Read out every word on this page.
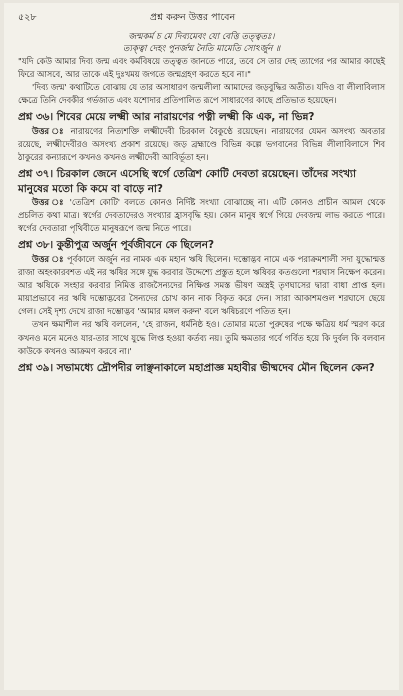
৫২৮	প্রশ্ন করুন উত্তর পাবেন
জন্মকর্ম চ মে দিব্যমেবং যো বেত্তি তত্ত্বতঃ।
ত্যক্ত্বা দেহং পুনর্জন্ম নৈতি মামেতি সোঽর্জুন ॥

"যদি কেউ আমার দিব্য জন্ম এবং কর্মবিষয়ে তত্ত্বত জানতে পারে, তবে সে তার দেহ ত্যাগের পর আমার কাছেই ফিরে আসবে, আর তাকে এই দুঃখময় জগতে জন্মগ্রহণ করতে হবে না।"

'দিব্য জন্ম' কথাটিতে বোঝায় যে তার অসাধারণ জন্মলীলা আমাদের জড়বুদ্ধির অতীত। যদিও বা লীলাবিলাস ক্ষেত্রে তিনি দেবকীর গর্ভজাত এবং যশোদার প্রতিপালিত রূপে সাধারণের কাছে প্রতিভাত হয়েছেন।

প্রশ্ন ৩৬। শিবের মেয়ে লক্ষ্মী আর নারায়ণের পত্নী লক্ষ্মী কি এক, না ভিন্ন?

উত্তর ঃ নারায়ণের নিত্যশক্তি লক্ষ্মীদেবী চিরকাল বৈকুণ্ঠে রয়েছেন। নারায়ণের যেমন অসংখ্য অবতার রয়েছে, লক্ষ্মীদেবীরও অসংখ্য প্রকাশ রয়েছে। জড় ব্রহ্মাণ্ডে বিভিন্ন কল্পে ভগবানের বিভিন্ন লীলাবিলাসে শিব ঠাকুরের কন্যারূপে কখনও কখনও লক্ষ্মীদেবী আবির্ভূতা হন।

প্রশ্ন ৩৭। চিরকাল জেনে এসেছি স্বর্গে তেত্রিশ কোটি দেবতা রয়েছেন। তাঁদের সংখ্যা মানুষের মতো কি কমে বা বাড়ে না?

উত্তর ঃ 'তেত্রিশ কোটি' বলতে কোনও নির্দিষ্ট সংখ্যা বোঝাচ্ছে না। এটি কোনও প্রাচীন আমল থেকে প্রচলিত কথা মাত্র। স্বর্গের দেবতাদেরও সংখ্যার হ্রাসবৃদ্ধি হয়। কোন মানুষ স্বর্গে গিয়ে দেবজন্ম লাভ করতে পারে। স্বর্গের দেবতারা পৃথিবীতে মানুষরূপে জন্ম নিতে পারে।

প্রশ্ন ৩৮। কুন্তীপুত্র অর্জুন পূর্বজীবনে কে ছিলেন?

উত্তর ঃ পূর্বকালে অর্জুন নর নামক এক মহান ঋষি ছিলেন। দম্ভোদ্ভব নামে এক পরাক্রমশালী সদা যুদ্ধোন্মত্ত রাজা অহংকারবশত এই নর ঋষির সঙ্গে যুদ্ধ করবার উদ্দেশ্যে প্রস্তুত হলে ঋষিবর কতগুলো শরঘাস নিক্ষেপ করেন। আর ঋষিকে সংহার করবার নিমিত্ত রাজসৈন্যদের নিক্ষিপ্ত সমস্ত ভীষণ অস্ত্রই তৃণঘাসের দ্বারা বাধা প্রাপ্ত হল। মায়াপ্রভাবে নর ঋষি দম্ভোদ্ভবের সৈন্যদের চোখ কান নাক বিকৃত করে দেন। সারা আকাশমণ্ডল শরঘাসে ছেয়ে গেল। সেই দৃশ্য দেখে রাজা দম্ভোদ্ভব 'আমার মঙ্গল করুন' বলে ঋষিচরণে পতিত হন।

তখন ক্ষমাশীল নর ঋষি বললেন, 'হে রাজন, ধর্মনিষ্ঠ হও। তোমার মতো পুরুষের পক্ষে ক্ষত্রিয় ধর্ম স্মরণ করে কখনও মনে মনেও যার-তার সাথে যুদ্ধে লিপ্ত হওয়া কর্তব্য নয়। তুমি ক্ষমতার গর্বে গর্বিত হয়ে কি দুর্বল কি বলবান কাউকে কখনও আক্রমণ করবে না।'

প্রশ্ন ৩৯। সভামধ্যে দ্রৌপদীর লাঞ্ছনাকালে মহাপ্রাজ্ঞ মহাবীর ভীষ্মদেব মৌন ছিলেন কেন?
